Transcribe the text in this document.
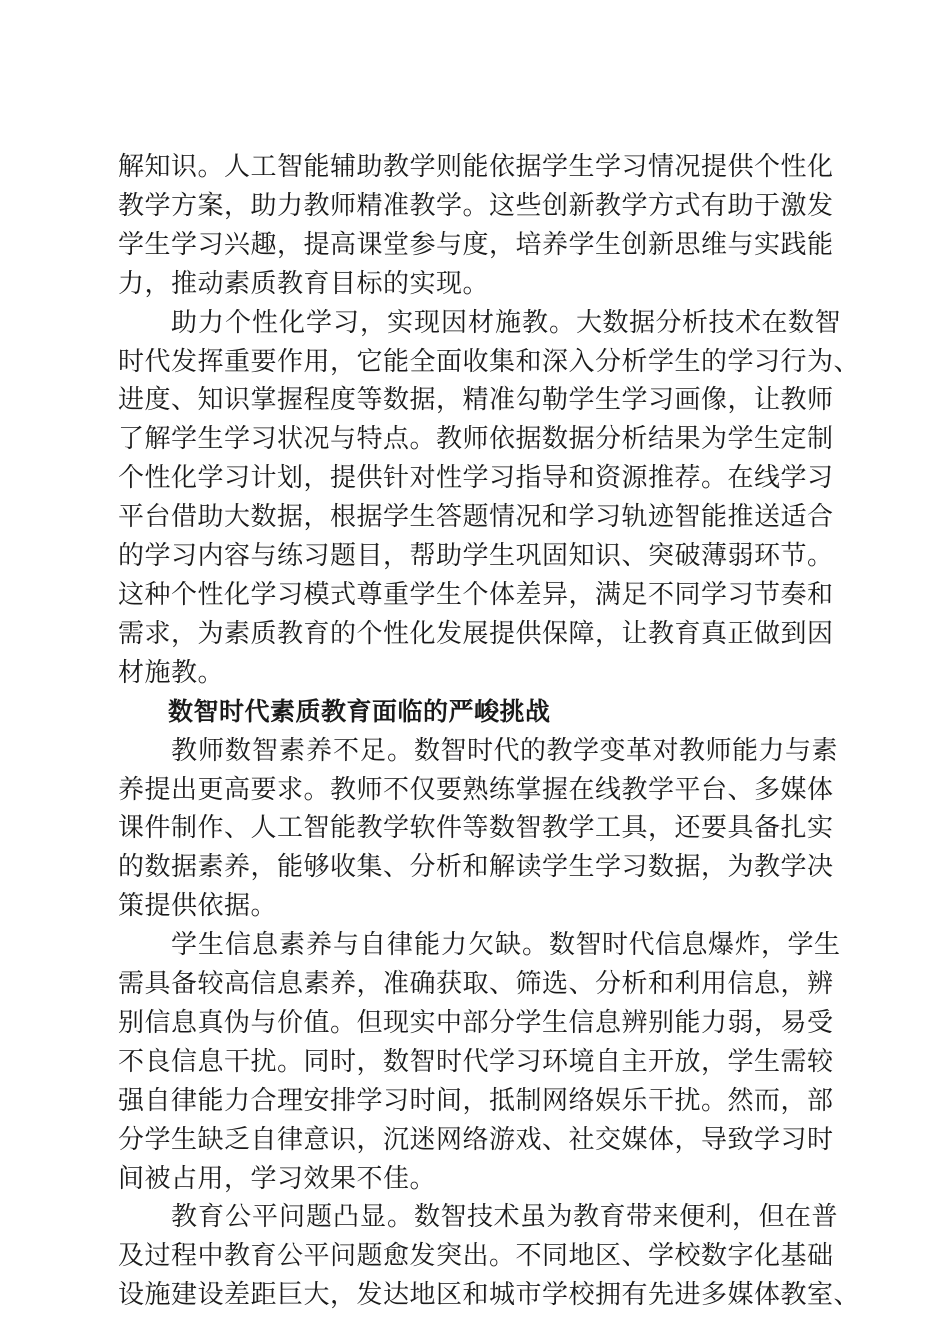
解知识。人工智能辅助教学则能依据学生学习情况提供个性化
教学方案，助力教师精准教学。这些创新教学方式有助于激发
学生学习兴趣，提高课堂参与度，培养学生创新思维与实践能
力，推动素质教育目标的实现。

　　助力个性化学习，实现因材施教。大数据分析技术在数智
时代发挥重要作用，它能全面收集和深入分析学生的学习行为、
进度、知识掌握程度等数据，精准勾勒学生学习画像，让教师
了解学生学习状况与特点。教师依据数据分析结果为学生定制
个性化学习计划，提供针对性学习指导和资源推荐。在线学习
平台借助大数据，根据学生答题情况和学习轨迹智能推送适合
的学习内容与练习题目，帮助学生巩固知识、突破薄弱环节。
这种个性化学习模式尊重学生个体差异，满足不同学习节奏和
需求，为素质教育的个性化发展提供保障，让教育真正做到因
材施教。

数智时代素质教育面临的严峻挑战

　　教师数智素养不足。数智时代的教学变革对教师能力与素
养提出更高要求。教师不仅要熟练掌握在线教学平台、多媒体
课件制作、人工智能教学软件等数智教学工具，还要具备扎实
的数据素养，能够收集、分析和解读学生学习数据，为教学决
策提供依据。

　　学生信息素养与自律能力欠缺。数智时代信息爆炸，学生
需具备较高信息素养，准确获取、筛选、分析和利用信息，辨
别信息真伪与价值。但现实中部分学生信息辨别能力弱，易受
不良信息干扰。同时，数智时代学习环境自主开放，学生需较
强自律能力合理安排学习时间，抵制网络娱乐干扰。然而，部
分学生缺乏自律意识，沉迷网络游戏、社交媒体，导致学习时
间被占用，学习效果不佳。

　　教育公平问题凸显。数智技术虽为教育带来便利，但在普
及过程中教育公平问题愈发突出。不同地区、学校数字化基础
设施建设差距巨大，发达地区和城市学校拥有先进多媒体教室、
